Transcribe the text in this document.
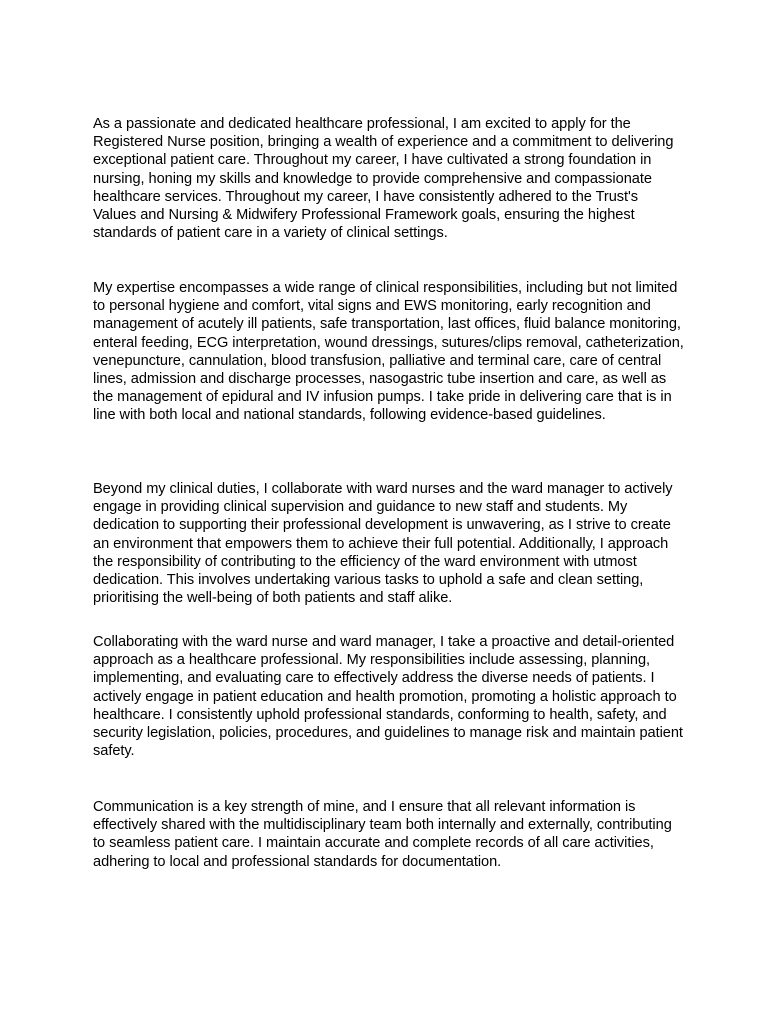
As a passionate and dedicated healthcare professional, I am excited to apply for the Registered Nurse position, bringing a wealth of experience and a commitment to delivering exceptional patient care. Throughout my career, I have cultivated a strong foundation in nursing, honing my skills and knowledge to provide comprehensive and compassionate healthcare services. Throughout my career, I have consistently adhered to the Trust's Values and Nursing & Midwifery Professional Framework goals, ensuring the highest standards of patient care in a variety of clinical settings.

My expertise encompasses a wide range of clinical responsibilities, including but not limited to personal hygiene and comfort, vital signs and EWS monitoring, early recognition and management of acutely ill patients, safe transportation, last offices, fluid balance monitoring, enteral feeding, ECG interpretation, wound dressings, sutures/clips removal, catheterization, venepuncture, cannulation, blood transfusion, palliative and terminal care, care of central lines, admission and discharge processes, nasogastric tube insertion and care, as well as the management of epidural and IV infusion pumps. I take pride in delivering care that is in line with both local and national standards, following evidence-based guidelines.

Beyond my clinical duties, I collaborate with ward nurses and the ward manager to actively engage in providing clinical supervision and guidance to new staff and students. My dedication to supporting their professional development is unwavering, as I strive to create an environment that empowers them to achieve their full potential. Additionally, I approach the responsibility of contributing to the efficiency of the ward environment with utmost dedication. This involves undertaking various tasks to uphold a safe and clean setting, prioritising the well-being of both patients and staff alike.

Collaborating with the ward nurse and ward manager, I take a proactive and detail-oriented approach as a healthcare professional. My responsibilities include assessing, planning, implementing, and evaluating care to effectively address the diverse needs of patients. I actively engage in patient education and health promotion, promoting a holistic approach to healthcare. I consistently uphold professional standards, conforming to health, safety, and security legislation, policies, procedures, and guidelines to manage risk and maintain patient safety.

Communication is a key strength of mine, and I ensure that all relevant information is effectively shared with the multidisciplinary team both internally and externally, contributing to seamless patient care. I maintain accurate and complete records of all care activities, adhering to local and professional standards for documentation.
